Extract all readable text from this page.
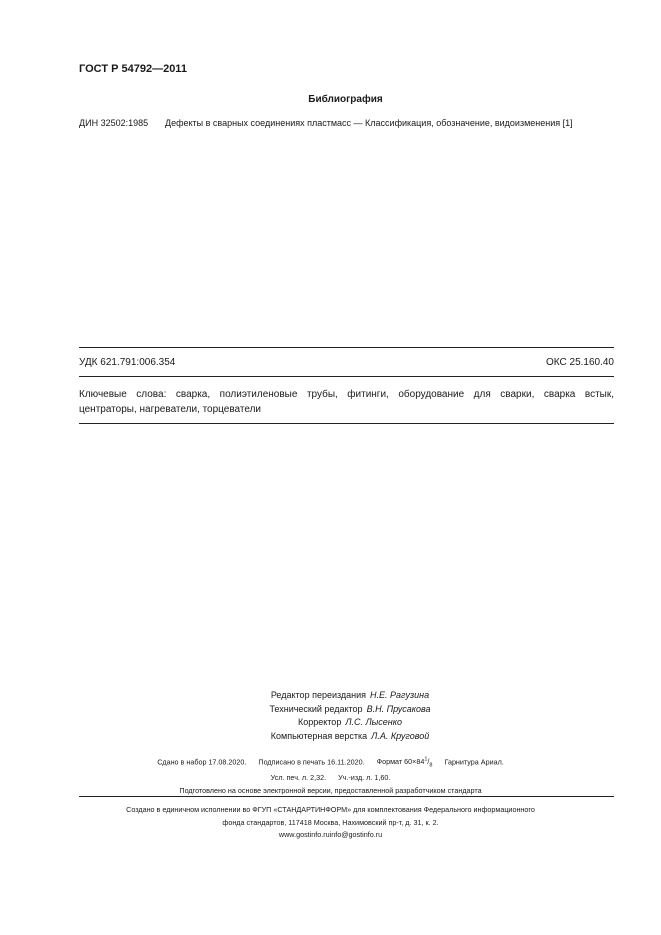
ГОСТ Р 54792—2011
Библиография
ДИН 32502:1985 Дефекты в сварных соединениях пластмасс — Классификация, обозначение, видоизменения [1]
УДК 621.791:006.354	ОКС 25.160.40
Ключевые слова: сварка, полиэтиленовые трубы, фитинги, оборудование для сварки, сварка встык,
центраторы, нагреватели, торцеватели
Редактор переиздания Н.Е. Рагузина
Технический редактор В.Н. Прусакова
Корректор Л.С. Лысенко
Компьютерная верстка Л.А. Круговой
Сдано в набор 17.08.2020. Подписано в печать 16.11.2020. Формат $60\times 84^1/_8$ Гарнитура Ариал.
Усл. печ. л. 2,32. Уч.-изд. л. 1,60.
Подготовлено на основе электронной версии, предоставленной разработчиком стандарта
Создано в единичном исполнении во ФГУП «СТАНДАРТИНФОРМ» для комплектования Федерального информационного
фонда стандартов, 117418 Москва, Нахимовский пр-т, д. 31, к. 2.
www.gostinfo.ruinfo@gostinfo.ru
